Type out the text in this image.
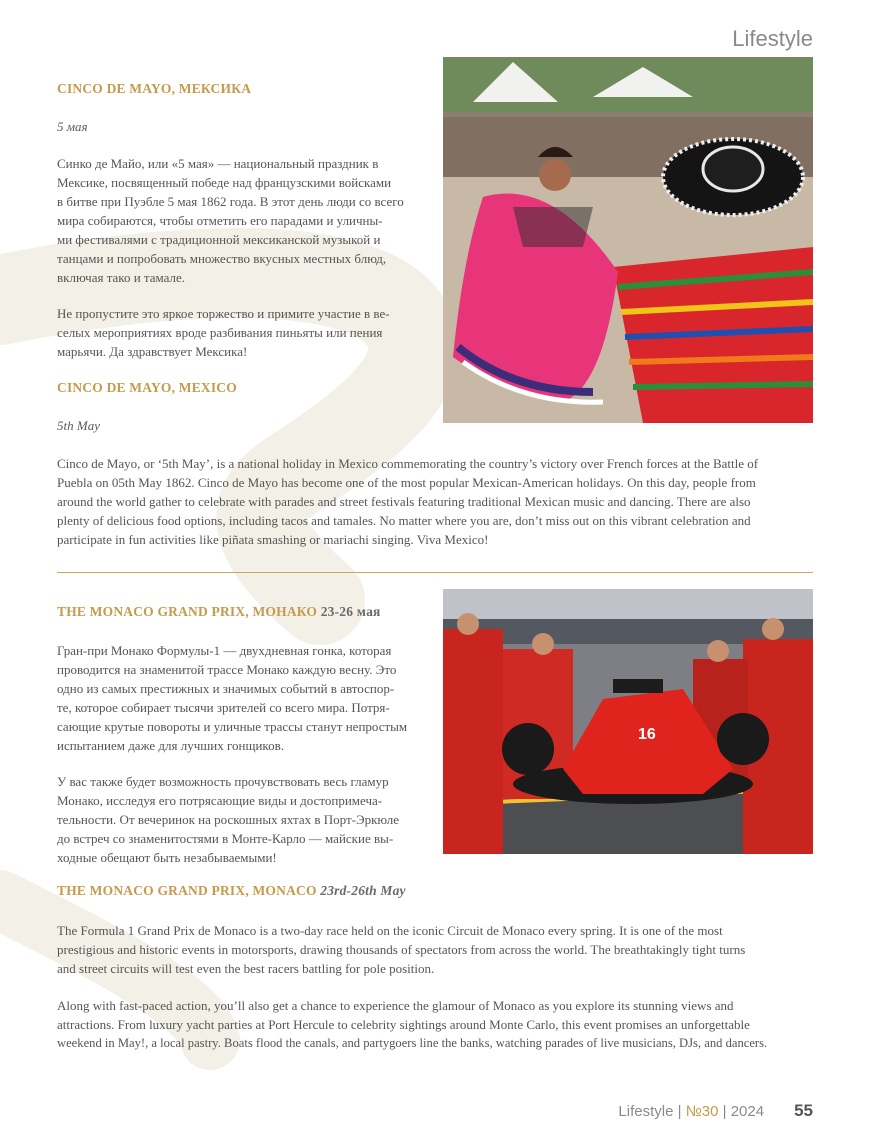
Lifestyle
CINCO DE MAYO, МЕКСИКА
5 мая
Синко де Майо, или «5 мая» — национальный праздник в
Мексике, посвященный победе над французскими войсками
в битве при Пуэбле 5 мая 1862 года. В этот день люди со всего
мира собираются, чтобы отметить его парадами и уличны-
ми фестивалями с традиционной мексиканской музыкой и
танцами и попробовать множество вкусных местных блюд,
включая тако и тамале.
Не пропустите это яркое торжество и примите участие в ве-
селых мероприятиях вроде разбивания пиньяты или пения
марьячи. Да здравствует Мексика!
CINCO DE MAYO, MEXICO
5th May
Cinco de Mayo, or ‘5th May’, is a national holiday in Mexico commemorating the country’s victory over French forces at the Battle of
Puebla on 05th May 1862. Cinco de Mayo has become one of the most popular Mexican-American holidays. On this day, people from
around the world gather to celebrate with parades and street festivals featuring traditional Mexican music and dancing. There are also
plenty of delicious food options, including tacos and tamales. No matter where you are, don’t miss out on this vibrant celebration and
participate in fun activities like piñata smashing or mariachi singing. Viva Mexico!
THE MONACO GRAND PRIX, МОНАКО 23-26 мая
Гран-при Монако Формулы-1 — двухдневная гонка, которая
проводится на знаменитой трассе Монако каждую весну. Это
одно из самых престижных и значимых событий в автоспор-
те, которое собирает тысячи зрителей со всего мира. Потря-
сающие крутые повороты и уличные трассы станут непростым
испытанием даже для лучших гонщиков.
У вас также будет возможность прочувствовать весь гламур
Монако, исследуя его потрясающие виды и достопримеча-
тельности. От вечеринок на роскошных яхтах в Порт-Эркюле
до встреч со знаменитостями в Монте-Карло — майские вы-
ходные обещают быть незабываемыми!
16
THE MONACO GRAND PRIX, MONACO 23rd-26th May
The Formula 1 Grand Prix de Monaco is a two-day race held on the iconic Circuit de Monaco every spring. It is one of the most
prestigious and historic events in motorsports, drawing thousands of spectators from across the world. The breathtakingly tight turns
and street circuits will test even the best racers battling for pole position.
Along with fast-paced action, you’ll also get a chance to experience the glamour of Monaco as you explore its stunning views and
attractions. From luxury yacht parties at Port Hercule to celebrity sightings around Monte Carlo, this event promises an unforgettable
weekend in May!, a local pastry. Boats flood the canals, and partygoers line the banks, watching parades of live musicians, DJs, and dancers.
Lifestyle | №30 | 2024 55
